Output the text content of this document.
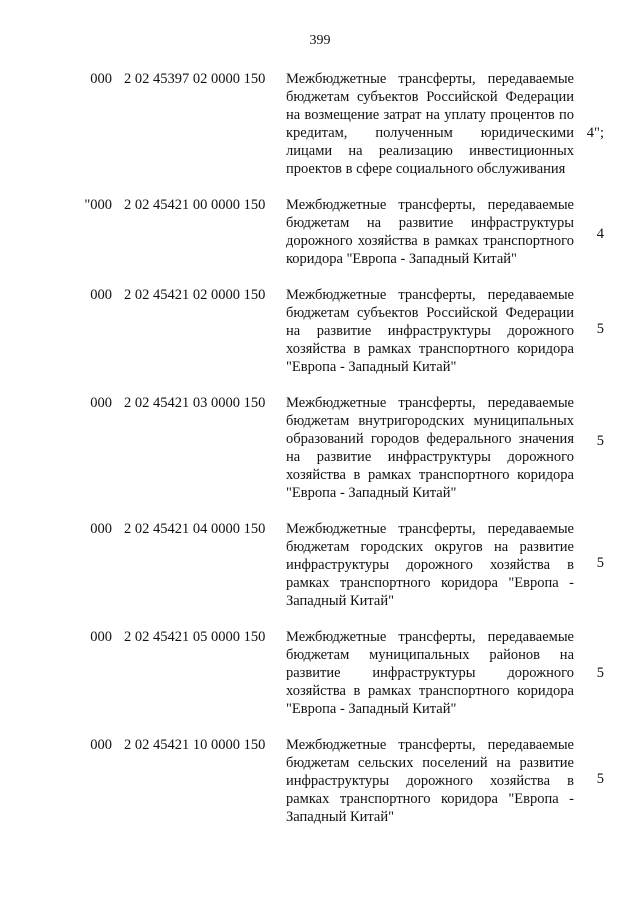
399
000 2 02 45397 02 0000 150 Межбюджетные трансферты, передаваемые бюджетам субъектов Российской Федерации на возмещение затрат на уплату процентов по кредитам, полученным юридическими лицами на реализацию инвестиционных проектов в сфере социального обслуживания
4";
"000 2 02 45421 00 0000 150 Межбюджетные трансферты, передаваемые бюджетам на развитие инфраструктуры дорожного хозяйства в рамках транспортного коридора "Европа - Западный Китай"
4
000 2 02 45421 02 0000 150 Межбюджетные трансферты, передаваемые бюджетам субъектов Российской Федерации на развитие инфраструктуры дорожного хозяйства в рамках транспортного коридора "Европа - Западный Китай"
5
000 2 02 45421 03 0000 150 Межбюджетные трансферты, передаваемые бюджетам внутригородских муниципальных образований городов федерального значения на развитие инфраструктуры дорожного хозяйства в рамках транспортного коридора "Европа - Западный Китай"
5
000 2 02 45421 04 0000 150 Межбюджетные трансферты, передаваемые бюджетам городских округов на развитие инфраструктуры дорожного хозяйства в рамках транспортного коридора "Европа - Западный Китай"
5
000 2 02 45421 05 0000 150 Межбюджетные трансферты, передаваемые бюджетам муниципальных районов на развитие инфраструктуры дорожного хозяйства в рамках транспортного коридора "Европа - Западный Китай"
5
000 2 02 45421 10 0000 150 Межбюджетные трансферты, передаваемые бюджетам сельских поселений на развитие инфраструктуры дорожного хозяйства в рамках транспортного коридора "Европа - Западный Китай"
5
